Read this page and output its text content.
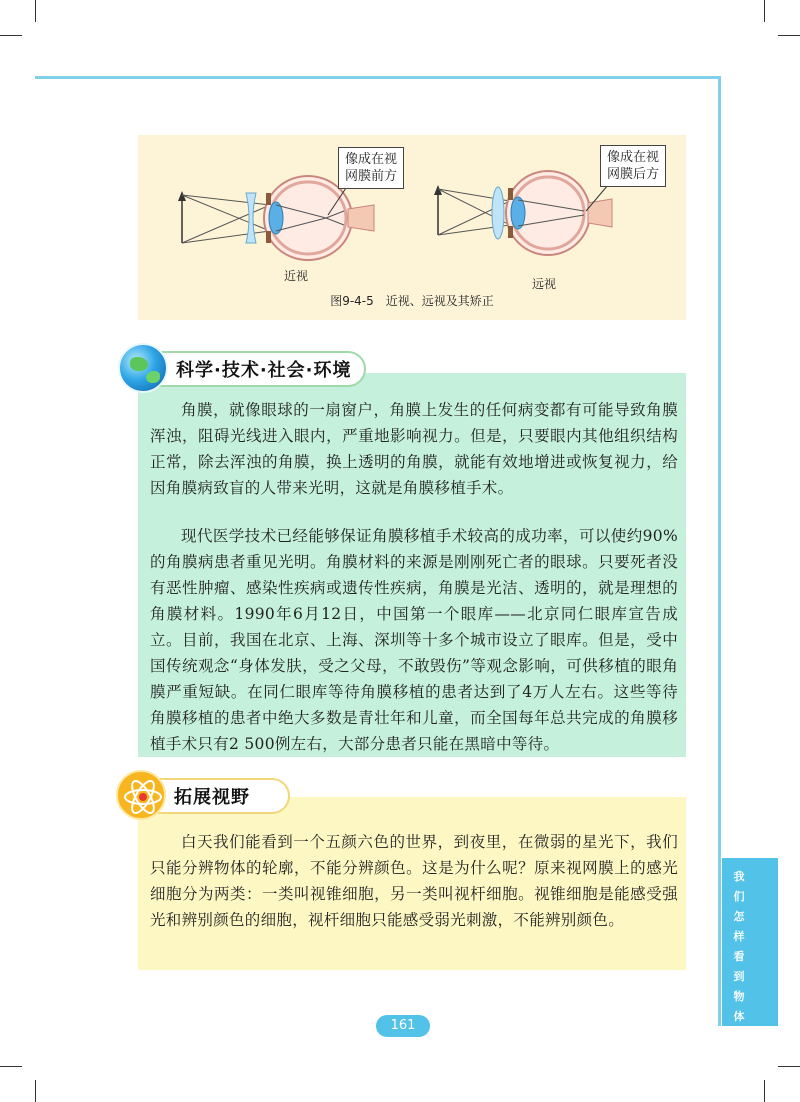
像成在视
网膜前方
近视
像成在视
网膜后方
远视
图9-4-5　近视、远视及其矫正
科学·技术·社会·环境

角膜，就像眼球的一扇窗户，角膜上发生的任何病变都有可能导致角膜浑浊，阻碍光线进入眼内，严重地影响视力。但是，只要眼内其他组织结构正常，除去浑浊的角膜，换上透明的角膜，就能有效地增进或恢复视力，给因角膜病致盲的人带来光明，这就是角膜移植手术。

现代医学技术已经能够保证角膜移植手术较高的成功率，可以使约90%的角膜病患者重见光明。角膜材料的来源是刚刚死亡者的眼球。只要死者没有恶性肿瘤、感染性疾病或遗传性疾病，角膜是光洁、透明的，就是理想的角膜材料。1990年6月12日，中国第一个眼库——北京同仁眼库宣告成立。目前，我国在北京、上海、深圳等十多个城市设立了眼库。但是，受中国传统观念“身体发肤，受之父母，不敢毁伤”等观念影响，可供移植的眼角膜严重短缺。在同仁眼库等待角膜移植的患者达到了4万人左右。这些等待角膜移植的患者中绝大多数是青壮年和儿童，而全国每年总共完成的角膜移植手术只有2 500例左右，大部分患者只能在黑暗中等待。

拓展视野

白天我们能看到一个五颜六色的世界，到夜里，在微弱的星光下，我们只能分辨物体的轮廓，不能分辨颜色。这是为什么呢？原来视网膜上的感光细胞分为两类：一类叫视锥细胞，另一类叫视杆细胞。视锥细胞是能感受强光和辨别颜色的细胞，视杆细胞只能感受弱光刺激，不能辨别颜色。

我
们
怎
样
看
到
物
体
161
